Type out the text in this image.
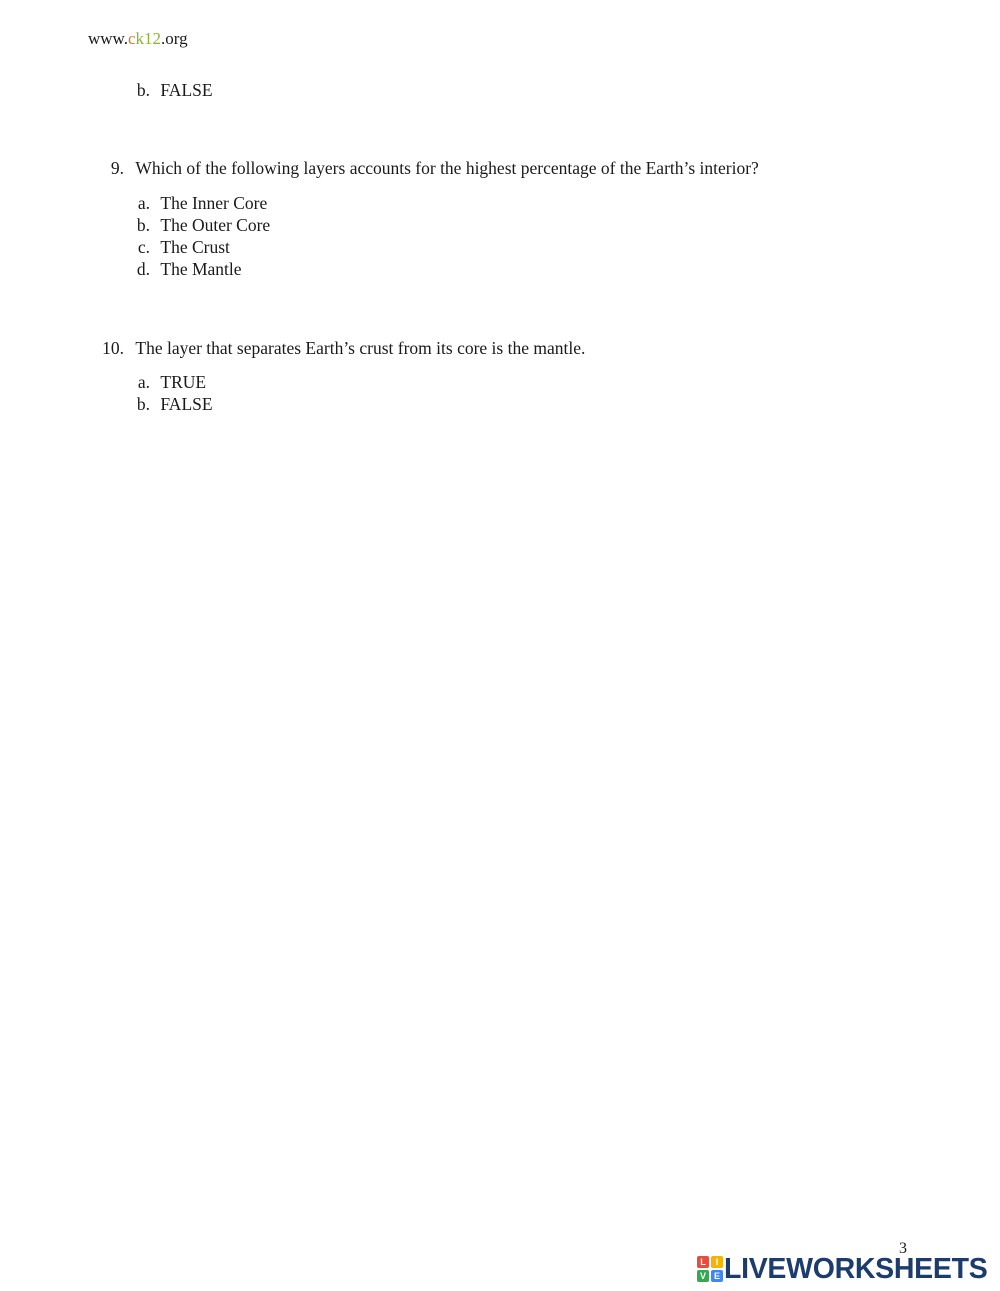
www.ck12.org
b. FALSE
9. Which of the following layers accounts for the highest percentage of the Earth’s interior?
a. The Inner Core
b. The Outer Core
c. The Crust
d. The Mantle
10. The layer that separates Earth’s crust from its core is the mantle.
a. TRUE
b. FALSE
3
L	I
V E LIVEWORKSHEETS
